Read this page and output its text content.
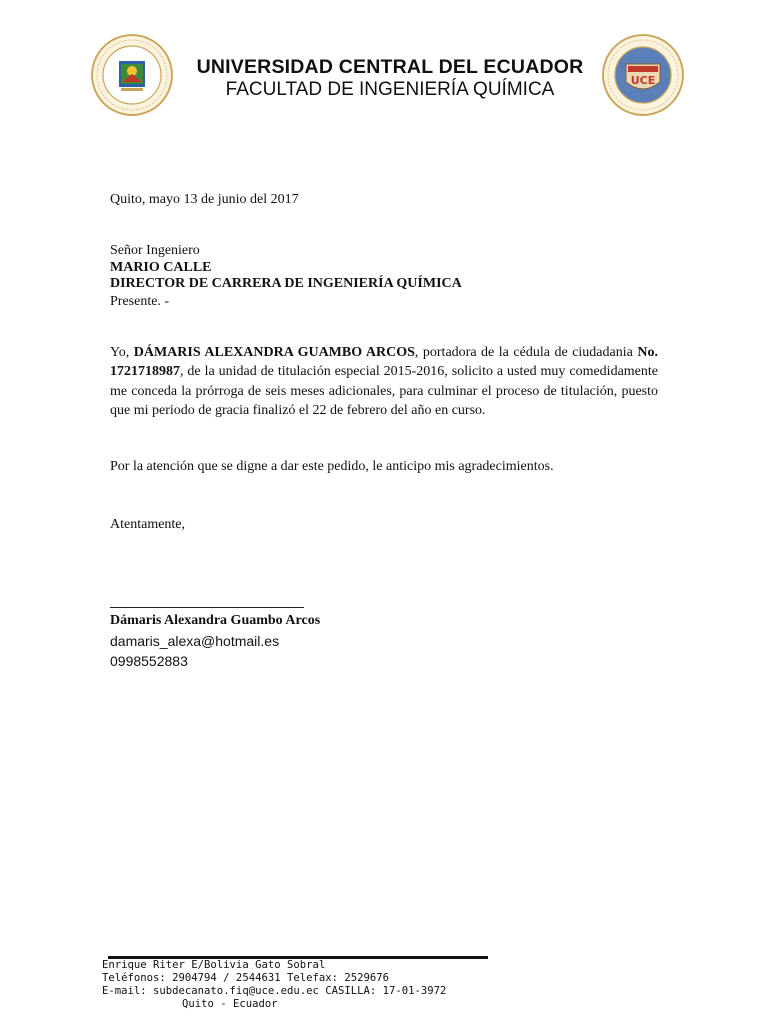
UCE
UNIVERSIDAD CENTRAL DEL ECUADOR
FACULTAD DE INGENIERÍA QUÍMICA
Quito, mayo 13 de junio del 2017
Señor Ingeniero
MARIO CALLE
DIRECTOR DE CARRERA DE INGENIERÍA QUÍMICA
Presente. -
Yo, DÁMARIS ALEXANDRA GUAMBO ARCOS, portadora de la cédula de ciudadania No. 1721718987, de la unidad de titulación especial 2015-2016, solicito a usted muy comedidamente me conceda la prórroga de seis meses adicionales, para culminar el proceso de titulación, puesto que mi periodo de gracia finalizó el 22 de febrero del año en curso.
Por la atención que se digne a dar este pedido, le anticipo mis agradecimientos.
Atentamente,
Dámaris Alexandra Guambo Arcos
damaris_alexa@hotmail.es
0998552883
Enrique Riter E/Bolivia Gato Sobral
Teléfonos: 2904794 / 2544631 Telefax: 2529676
E-mail: subdecanato.fiq@uce.edu.ec CASILLA: 17-01-3972
Quito - Ecuador
